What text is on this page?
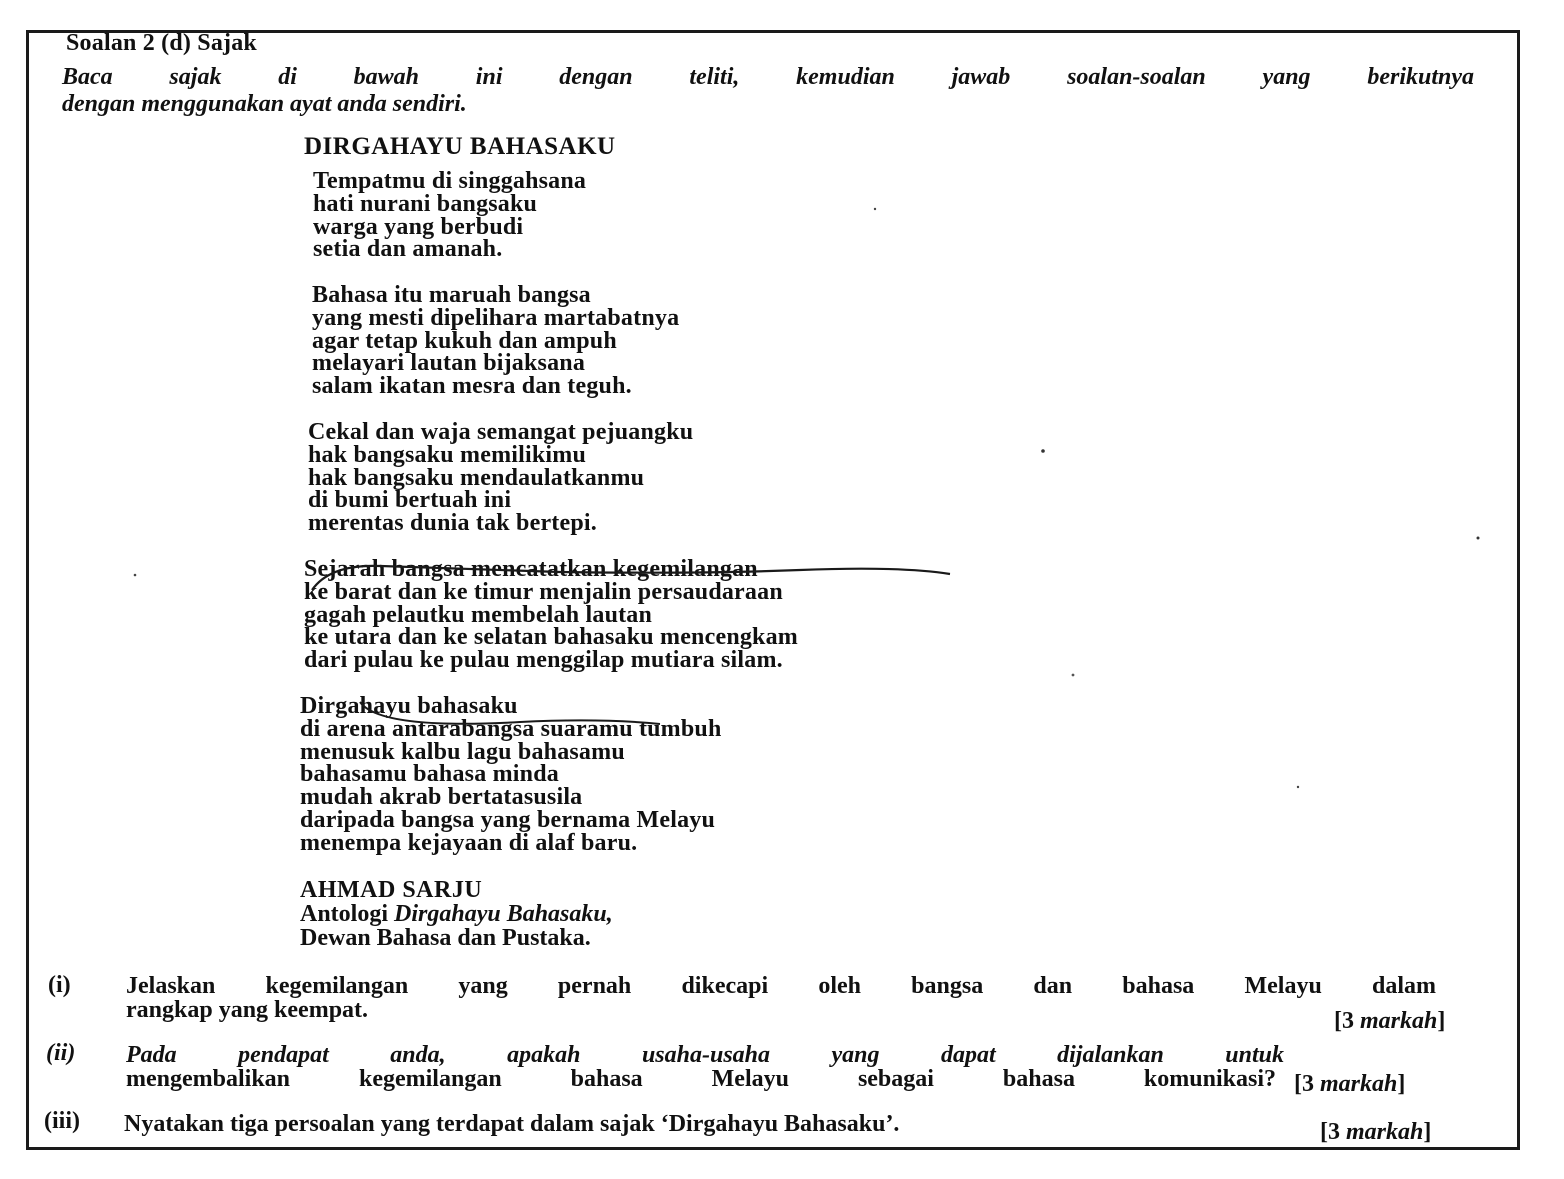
Soalan 2 (d) Sajak
Baca sajak di bawah ini dengan teliti, kemudian jawab soalan-soalan yang berikutnya
dengan menggunakan ayat anda sendiri.
DIRGAHAYU BAHASAKU
Tempatmu di singgahsana
hati nurani bangsaku
warga yang berbudi
setia dan amanah.
Bahasa itu maruah bangsa
yang mesti dipelihara martabatnya
agar tetap kukuh dan ampuh
melayari lautan bijaksana
salam ikatan mesra dan teguh.
Cekal dan waja semangat pejuangku
hak bangsaku memilikimu
hak bangsaku mendaulatkanmu
di bumi bertuah ini
merentas dunia tak bertepi.
Sejarah bangsa mencatatkan kegemilangan
ke barat dan ke timur menjalin persaudaraan
gagah pelautku membelah lautan
ke utara dan ke selatan bahasaku mencengkam
dari pulau ke pulau menggilap mutiara silam.
Dirgahayu bahasaku
di arena antarabangsa suaramu tumbuh
menusuk kalbu lagu bahasamu
bahasamu bahasa minda
mudah akrab bertatasusila
daripada bangsa yang bernama Melayu
menempa kejayaan di alaf baru.
AHMAD SARJU
Antologi Dirgahayu Bahasaku,
Dewan Bahasa dan Pustaka.
(i) Jelaskan kegemilangan yang pernah dikecapi oleh bangsa dan bahasa Melayu dalam
rangkap yang keempat.	[3 markah]
(ii) Pada pendapat anda, apakah usaha-usaha yang dapat dijalankan untuk
mengembalikan kegemilangan bahasa Melayu sebagai bahasa komunikasi? [3 markah]
(iii) Nyatakan tiga persoalan yang terdapat dalam sajak ‘Dirgahayu Bahasaku’.	[3 markah]
